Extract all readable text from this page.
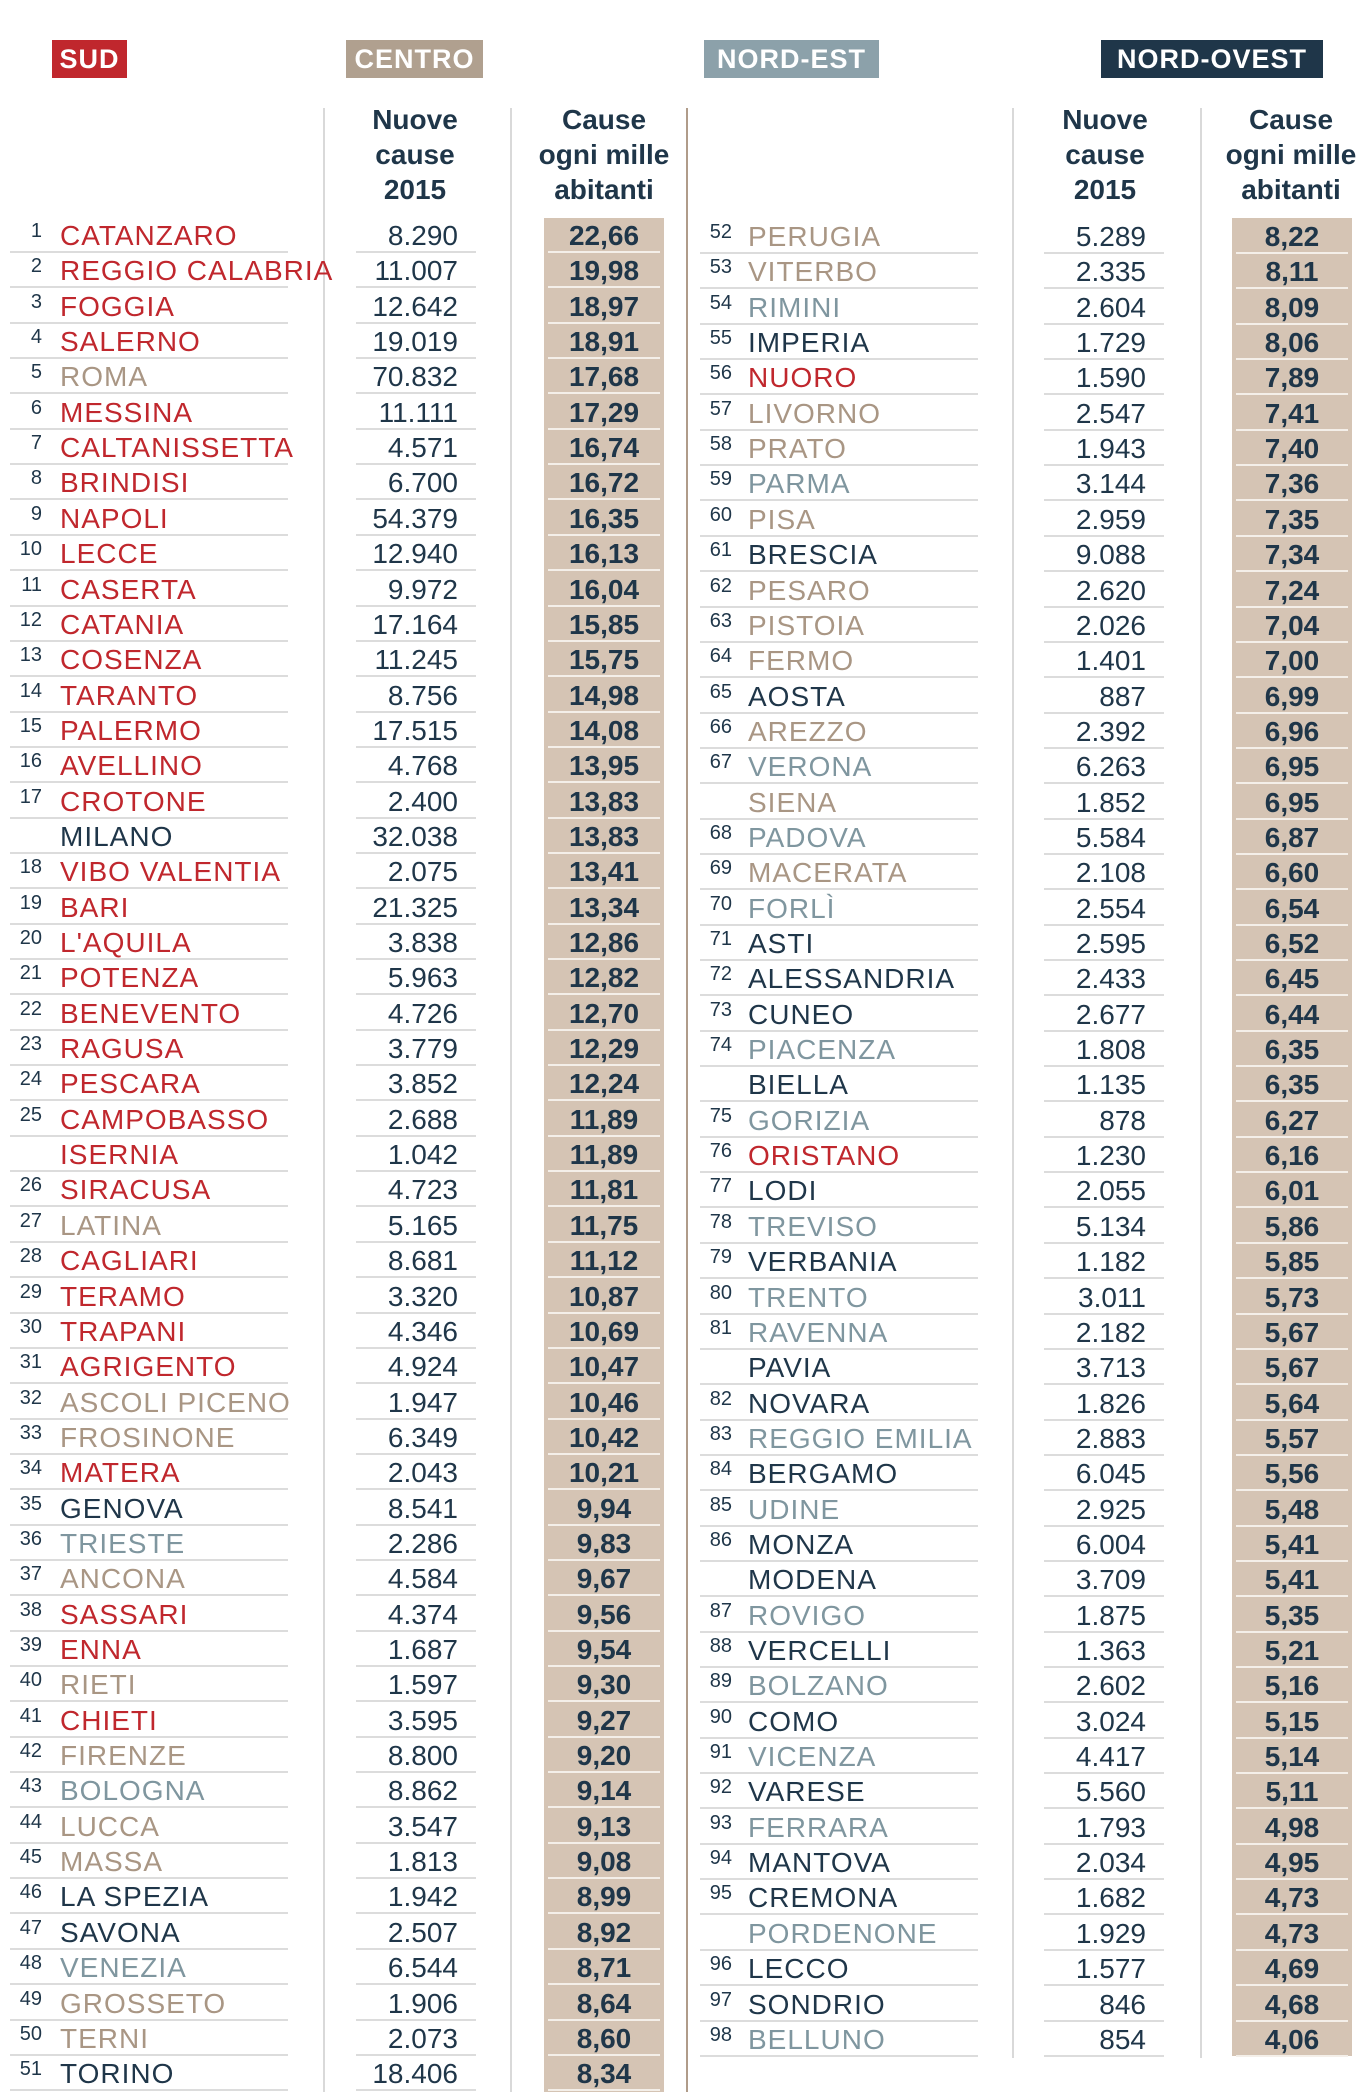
SUD	CENTRO	NORD-EST	NORD-OVEST
Nuove
cause
2015
Cause
ogni mille
abitanti
Nuove
cause
2015
Cause
ogni mille
abitanti
1 CATANZARO	8.290	22,66
2 REGGIO CALABRIA	11.007	19,98
3 FOGGIA	12.642	18,97
4 SALERNO	19.019	18,91
5 ROMA	70.832	17,68
6 MESSINA	11.111	17,29
7 CALTANISSETTA	4.571	16,74
8 BRINDISI	6.700	16,72
9 NAPOLI	54.379	16,35
10 LECCE	12.940	16,13
11 CASERTA	9.972	16,04
12 CATANIA	17.164	15,85
13 COSENZA	11.245	15,75
14 TARANTO	8.756	14,98
15 PALERMO	17.515	14,08
16 AVELLINO	4.768	13,95
17 CROTONE	2.400	13,83
MILANO	32.038	13,83
18 VIBO VALENTIA	2.075	13,41
19 BARI	21.325	13,34
20 L'AQUILA	3.838	12,86
21 POTENZA	5.963	12,82
22 BENEVENTO	4.726	12,70
23 RAGUSA	3.779	12,29
24 PESCARA	3.852	12,24
25 CAMPOBASSO	2.688	11,89
ISERNIA	1.042	11,89
26 SIRACUSA	4.723	11,81
27 LATINA	5.165	11,75
28 CAGLIARI	8.681	11,12
29 TERAMO	3.320	10,87
30 TRAPANI	4.346	10,69
31 AGRIGENTO	4.924	10,47
32 ASCOLI PICENO	1.947	10,46
33 FROSINONE	6.349	10,42
34 MATERA	2.043	10,21
35 GENOVA	8.541	9,94
36 TRIESTE	2.286	9,83
37 ANCONA	4.584	9,67
38 SASSARI	4.374	9,56
39 ENNA	1.687	9,54
40 RIETI	1.597	9,30
41 CHIETI	3.595	9,27
42 FIRENZE	8.800	9,20
43 BOLOGNA	8.862	9,14
44 LUCCA	3.547	9,13
45 MASSA	1.813	9,08
46 LA SPEZIA	1.942	8,99
47 SAVONA	2.507	8,92
48 VENEZIA	6.544	8,71
49 GROSSETO	1.906	8,64
50 TERNI	2.073	8,60
51 TORINO	18.406	8,34
52 PERUGIA	5.289	8,22
53 VITERBO	2.335	8,11
54 RIMINI	2.604	8,09
55 IMPERIA	1.729	8,06
56 NUORO	1.590	7,89
57 LIVORNO	2.547	7,41
58 PRATO	1.943	7,40
59 PARMA	3.144	7,36
60 PISA	2.959	7,35
61 BRESCIA	9.088	7,34
62 PESARO	2.620	7,24
63 PISTOIA	2.026	7,04
64 FERMO	1.401	7,00
65 AOSTA	887	6,99
66 AREZZO	2.392	6,96
67 VERONA	6.263	6,95
SIENA	1.852	6,95
68 PADOVA	5.584	6,87
69 MACERATA	2.108	6,60
70 FORLÌ	2.554	6,54
71 ASTI	2.595	6,52
72 ALESSANDRIA	2.433	6,45
73 CUNEO	2.677	6,44
74 PIACENZA	1.808	6,35
BIELLA	1.135	6,35
75 GORIZIA	878	6,27
76 ORISTANO	1.230	6,16
77 LODI	2.055	6,01
78 TREVISO	5.134	5,86
79 VERBANIA	1.182	5,85
80 TRENTO	3.011	5,73
81 RAVENNA	2.182	5,67
PAVIA	3.713	5,67
82 NOVARA	1.826	5,64
83 REGGIO EMILIA	2.883	5,57
84 BERGAMO	6.045	5,56
85 UDINE	2.925	5,48
86 MONZA	6.004	5,41
MODENA	3.709	5,41
87 ROVIGO	1.875	5,35
88 VERCELLI	1.363	5,21
89 BOLZANO	2.602	5,16
90 COMO	3.024	5,15
91 VICENZA	4.417	5,14
92 VARESE	5.560	5,11
93 FERRARA	1.793	4,98
94 MANTOVA	2.034	4,95
95 CREMONA	1.682	4,73
PORDENONE	1.929	4,73
96 LECCO	1.577	4,69
97 SONDRIO	846	4,68
98 BELLUNO	854	4,06
